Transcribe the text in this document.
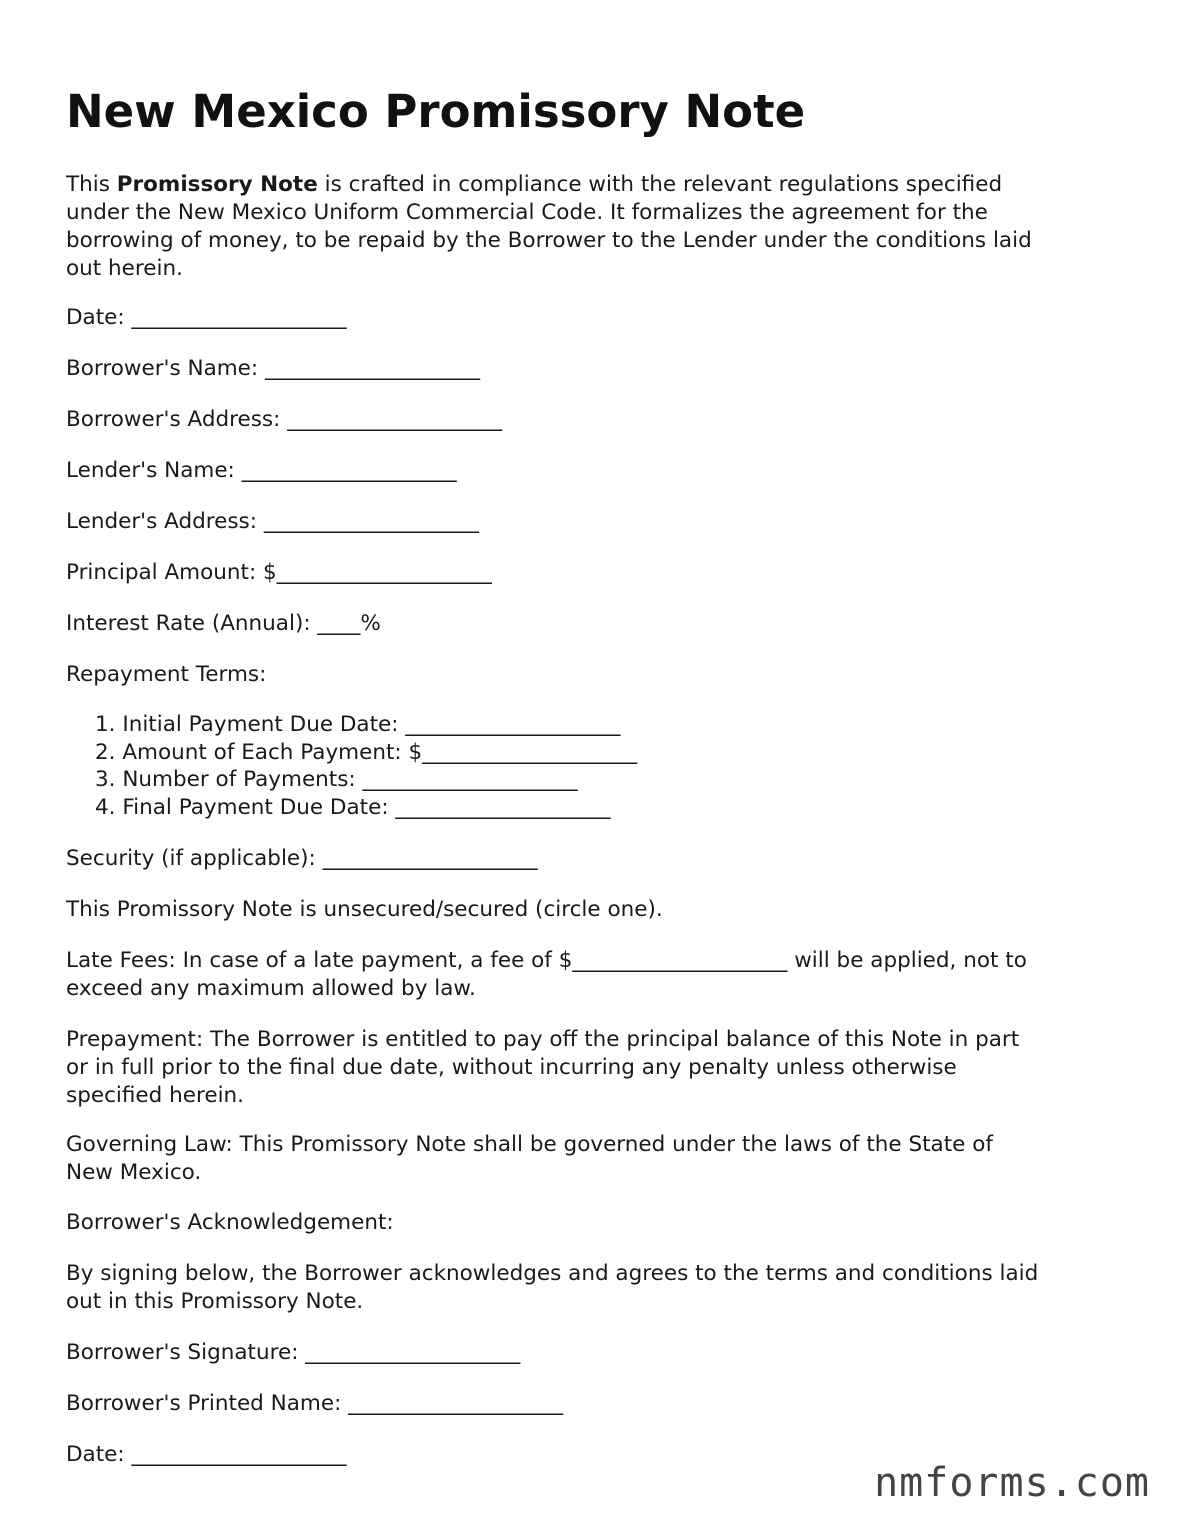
New Mexico Promissory Note
This Promissory Note is crafted in compliance with the relevant regulations specified
under the New Mexico Uniform Commercial Code. It formalizes the agreement for the
borrowing of money, to be repaid by the Borrower to the Lender under the conditions laid
out herein.
Date: ____________________
Borrower's Name: ____________________
Borrower's Address: ____________________
Lender's Name: ____________________
Lender's Address: ____________________
Principal Amount: $____________________
Interest Rate (Annual): ____%
Repayment Terms:
1. Initial Payment Due Date: ____________________
2. Amount of Each Payment: $____________________
3. Number of Payments: ____________________
4. Final Payment Due Date: ____________________
Security (if applicable): ____________________
This Promissory Note is unsecured/secured (circle one).
Late Fees: In case of a late payment, a fee of $____________________ will be applied, not to
exceed any maximum allowed by law.
Prepayment: The Borrower is entitled to pay off the principal balance of this Note in part
or in full prior to the final due date, without incurring any penalty unless otherwise
specified herein.
Governing Law: This Promissory Note shall be governed under the laws of the State of
New Mexico.
Borrower's Acknowledgement:
By signing below, the Borrower acknowledges and agrees to the terms and conditions laid
out in this Promissory Note.
Borrower's Signature: ____________________
Borrower's Printed Name: ____________________
Date: ____________________
nmforms.com
